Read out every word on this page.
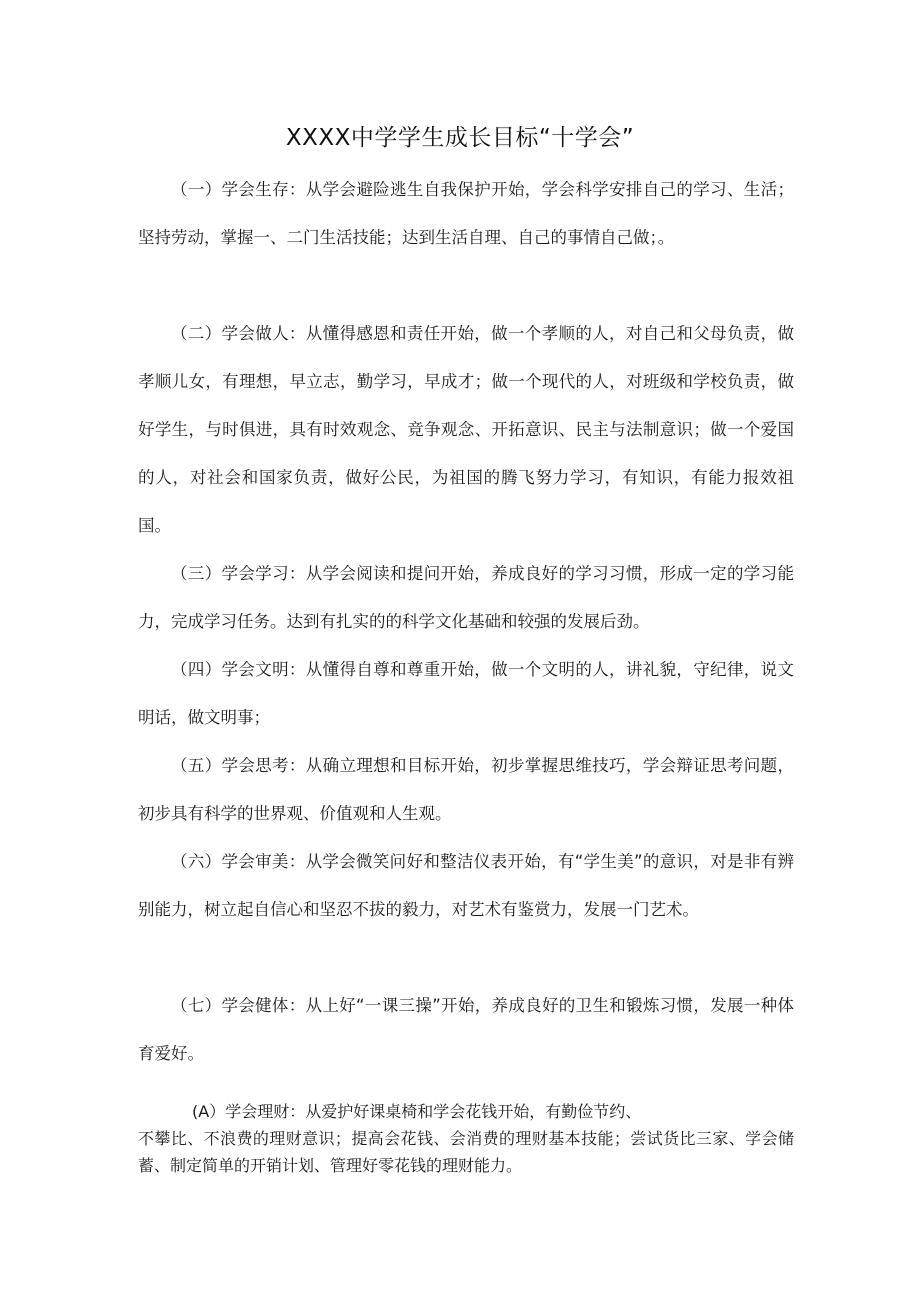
XXXX中学学生成长目标“十学会”

（一）学会生存：从学会避险逃生自我保护开始，学会科学安排自己的学习、生活；坚持劳动，掌握一、二门生活技能；达到生活自理、自己的事情自己做；。

（二）学会做人：从懂得感恩和责任开始，做一个孝顺的人，对自己和父母负责，做孝顺儿女，有理想，早立志，勤学习，早成才；做一个现代的人，对班级和学校负责，做好学生，与时俱进，具有时效观念、竞争观念、开拓意识、民主与法制意识；做一个爱国的人，对社会和国家负责，做好公民，为祖国的腾飞努力学习，有知识，有能力报效祖国。

（三）学会学习：从学会阅读和提问开始，养成良好的学习习惯，形成一定的学习能力，完成学习任务。达到有扎实的的科学文化基础和较强的发展后劲。

（四）学会文明：从懂得自尊和尊重开始，做一个文明的人，讲礼貌，守纪律，说文明话，做文明事；

（五）学会思考：从确立理想和目标开始，初步掌握思维技巧，学会辩证思考问题，初步具有科学的世界观、价值观和人生观。

（六）学会审美：从学会微笑问好和整洁仪表开始，有“学生美”的意识，对是非有辨别能力，树立起自信心和坚忍不拔的毅力，对艺术有鉴赏力，发展一门艺术。

（七）学会健体：从上好“一课三操”开始，养成良好的卫生和锻炼习惯，发展一种体育爱好。

(A）学会理财：从爱护好课桌椅和学会花钱开始，有勤俭节约、
不攀比、不浪费的理财意识；提高会花钱、会消费的理财基本技能；尝试货比三家、学会储蓄、制定简单的开销计划、管理好零花钱的理财能力。
